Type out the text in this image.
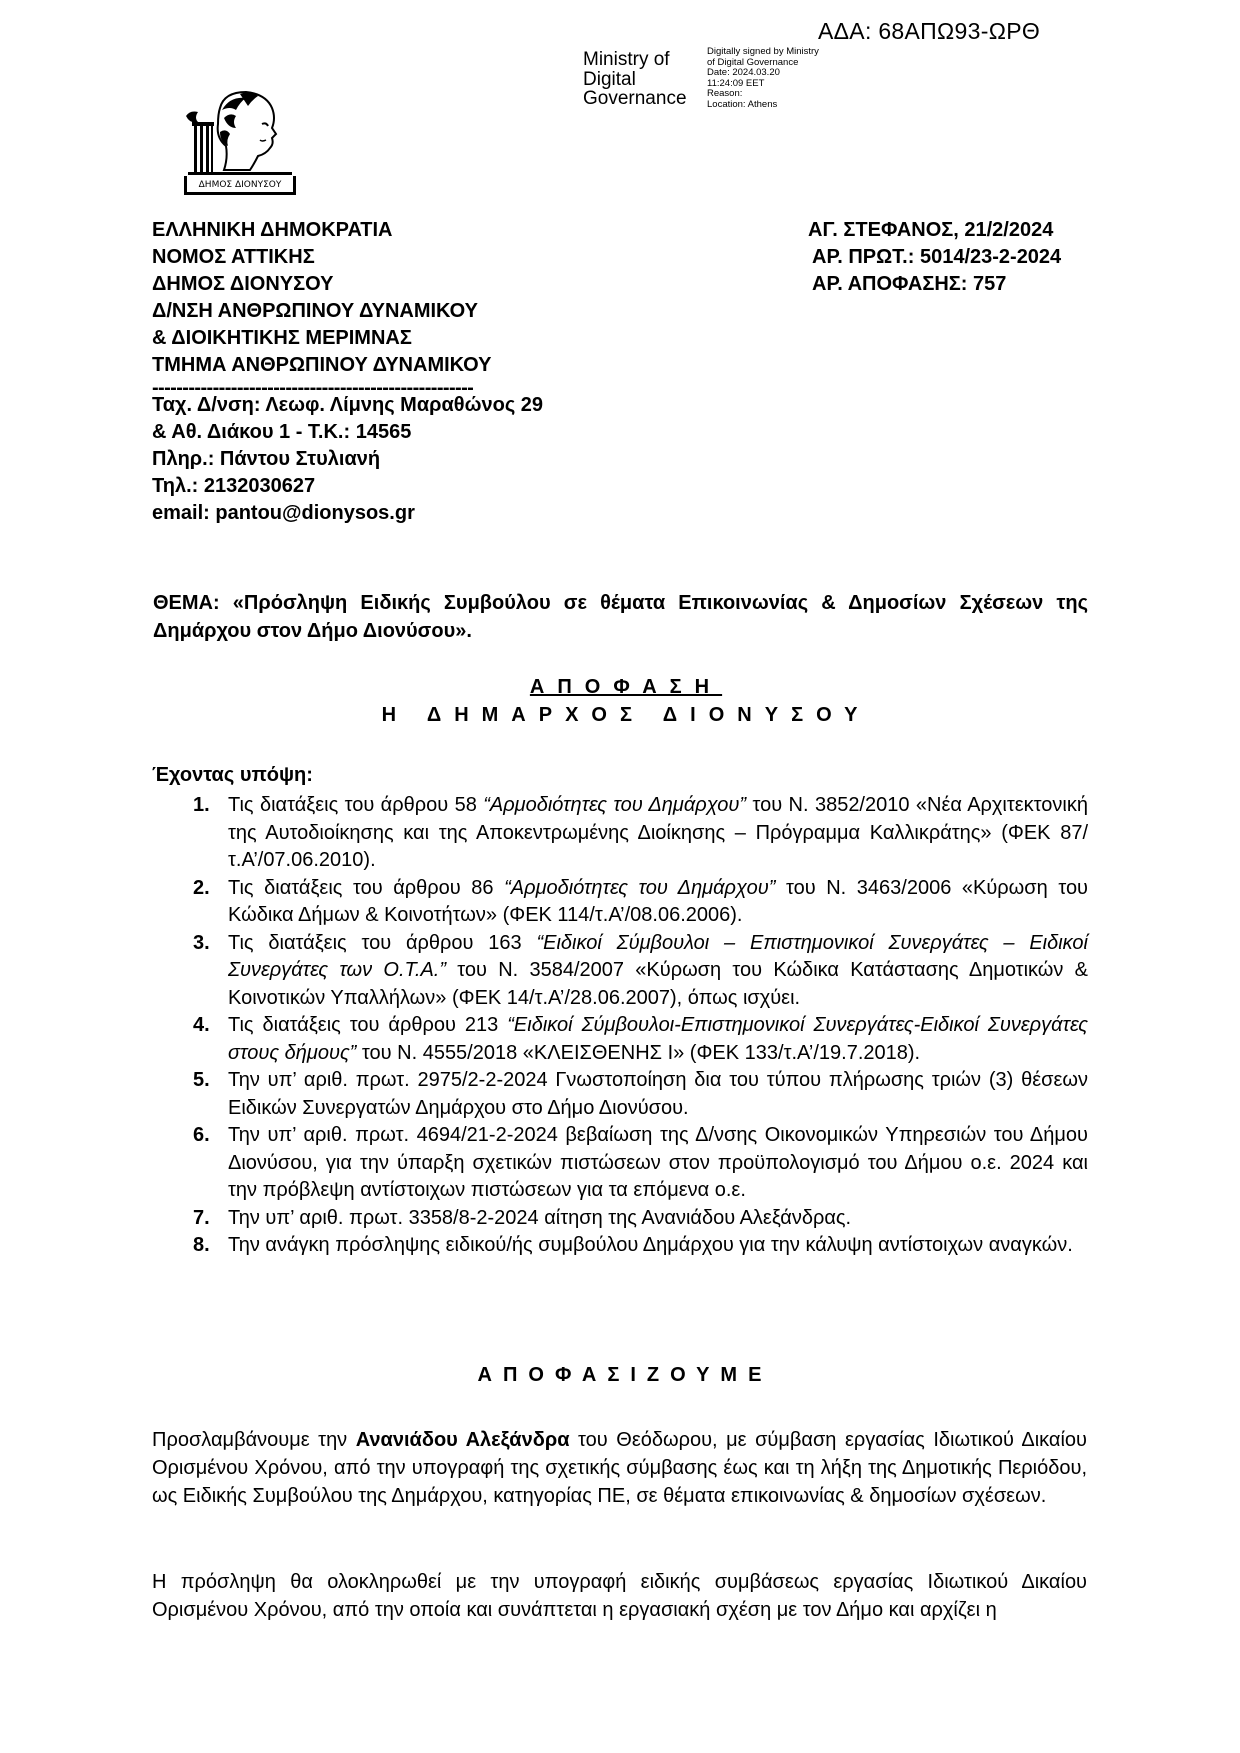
ΑΔΑ: 68ΑΠΩ93-ΩΡΘ
Ministry of
Digital
Governance
Digitally signed by Ministry
of Digital Governance
Date: 2024.03.20
11:24:09 EET
Reason:
Location: Athens
ΔΗΜΟΣ ΔΙΟΝΥΣΟΥ
ΕΛΛΗΝΙΚΗ ΔΗΜΟΚΡΑΤΙΑ
ΝΟΜΟΣ ΑΤΤΙΚΗΣ
ΔΗΜΟΣ ΔΙΟΝΥΣΟΥ
Δ/ΝΣΗ ΑΝΘΡΩΠΙΝΟΥ ΔΥΝΑΜΙΚΟΥ
& ΔΙΟΙΚΗΤΙΚΗΣ ΜΕΡΙΜΝΑΣ
ΤΜΗΜΑ ΑΝΘΡΩΠΙΝΟΥ ΔΥΝΑΜΙΚΟΥ
-----------------------------------------------------
ΑΓ. ΣΤΕΦΑΝΟΣ, 21/2/2024
ΑΡ. ΠΡΩΤ.: 5014/23-2-2024
ΑΡ. ΑΠΟΦΑΣΗΣ: 757
Ταχ. Δ/νση: Λεωφ. Λίμνης Μαραθώνος 29
& Αθ. Διάκου 1 - Τ.Κ.: 14565
Πληρ.: Πάντου Στυλιανή
Τηλ.: 2132030627
email: pantou@dionysos.gr
ΘΕΜΑ: «Πρόσληψη Ειδικής Συμβούλου σε θέματα Επικοινωνίας & Δημοσίων Σχέσεων της Δημάρχου στον Δήμο Διονύσου».
ΑΠΟΦΑΣΗ
Η ΔΗΜΑΡΧΟΣ ΔΙΟΝΥΣΟΥ
Έχοντας υπόψη:
1. Τις διατάξεις του άρθρου 58 “Αρμοδιότητες του Δημάρχου” του Ν. 3852/2010 «Νέα Αρχιτεκτονική της Αυτοδιοίκησης και της Αποκεντρωμένης Διοίκησης – Πρόγραμμα Καλλικράτης» (ΦΕΚ 87/τ.Α’/07.06.2010).
2. Τις διατάξεις του άρθρου 86 “Αρμοδιότητες του Δημάρχου” του Ν. 3463/2006 «Κύρωση του Κώδικα Δήμων & Κοινοτήτων» (ΦΕΚ 114/τ.Α’/08.06.2006).
3. Τις διατάξεις του άρθρου 163 “Ειδικοί Σύμβουλοι – Επιστημονικοί Συνεργάτες – Ειδικοί Συνεργάτες των Ο.Τ.Α.” του Ν. 3584/2007 «Κύρωση του Κώδικα Κατάστασης Δημοτικών & Κοινοτικών Υπαλλήλων» (ΦΕΚ 14/τ.Α’/28.06.2007), όπως ισχύει.
4. Τις διατάξεις του άρθρου 213 “Ειδικοί Σύμβουλοι-Επιστημονικοί Συνεργάτες-Ειδικοί Συνεργάτες στους δήμους” του Ν. 4555/2018 «ΚΛΕΙΣΘΕΝΗΣ Ι» (ΦΕΚ 133/τ.Α’/19.7.2018).
5. Την υπ’ αριθ. πρωτ. 2975/2-2-2024 Γνωστοποίηση δια του τύπου πλήρωσης τριών (3) θέσεων Ειδικών Συνεργατών Δημάρχου στο Δήμο Διονύσου.
6. Την υπ’ αριθ. πρωτ. 4694/21-2-2024 βεβαίωση της Δ/νσης Οικονομικών Υπηρεσιών του Δήμου Διονύσου, για την ύπαρξη σχετικών πιστώσεων στον προϋπολογισμό του Δήμου ο.ε. 2024 και την πρόβλεψη αντίστοιχων πιστώσεων για τα επόμενα ο.ε.
7. Την υπ’ αριθ. πρωτ. 3358/8-2-2024 αίτηση της Ανανιάδου Αλεξάνδρας.
8. Την ανάγκη πρόσληψης ειδικού/ής συμβούλου Δημάρχου για την κάλυψη αντίστοιχων αναγκών.
ΑΠΟΦΑΣΙΖΟΥΜΕ
Προσλαμβάνουμε την Ανανιάδου Αλεξάνδρα του Θεόδωρου, με σύμβαση εργασίας Ιδιωτικού Δικαίου Ορισμένου Χρόνου, από την υπογραφή της σχετικής σύμβασης έως και τη λήξη της Δημοτικής Περιόδου, ως Ειδικής Συμβούλου της Δημάρχου, κατηγορίας ΠΕ, σε θέματα επικοινωνίας & δημοσίων σχέσεων.
Η πρόσληψη θα ολοκληρωθεί με την υπογραφή ειδικής συμβάσεως εργασίας Ιδιωτικού Δικαίου Ορισμένου Χρόνου, από την οποία και συνάπτεται η εργασιακή σχέση με τον Δήμο και αρχίζει η
